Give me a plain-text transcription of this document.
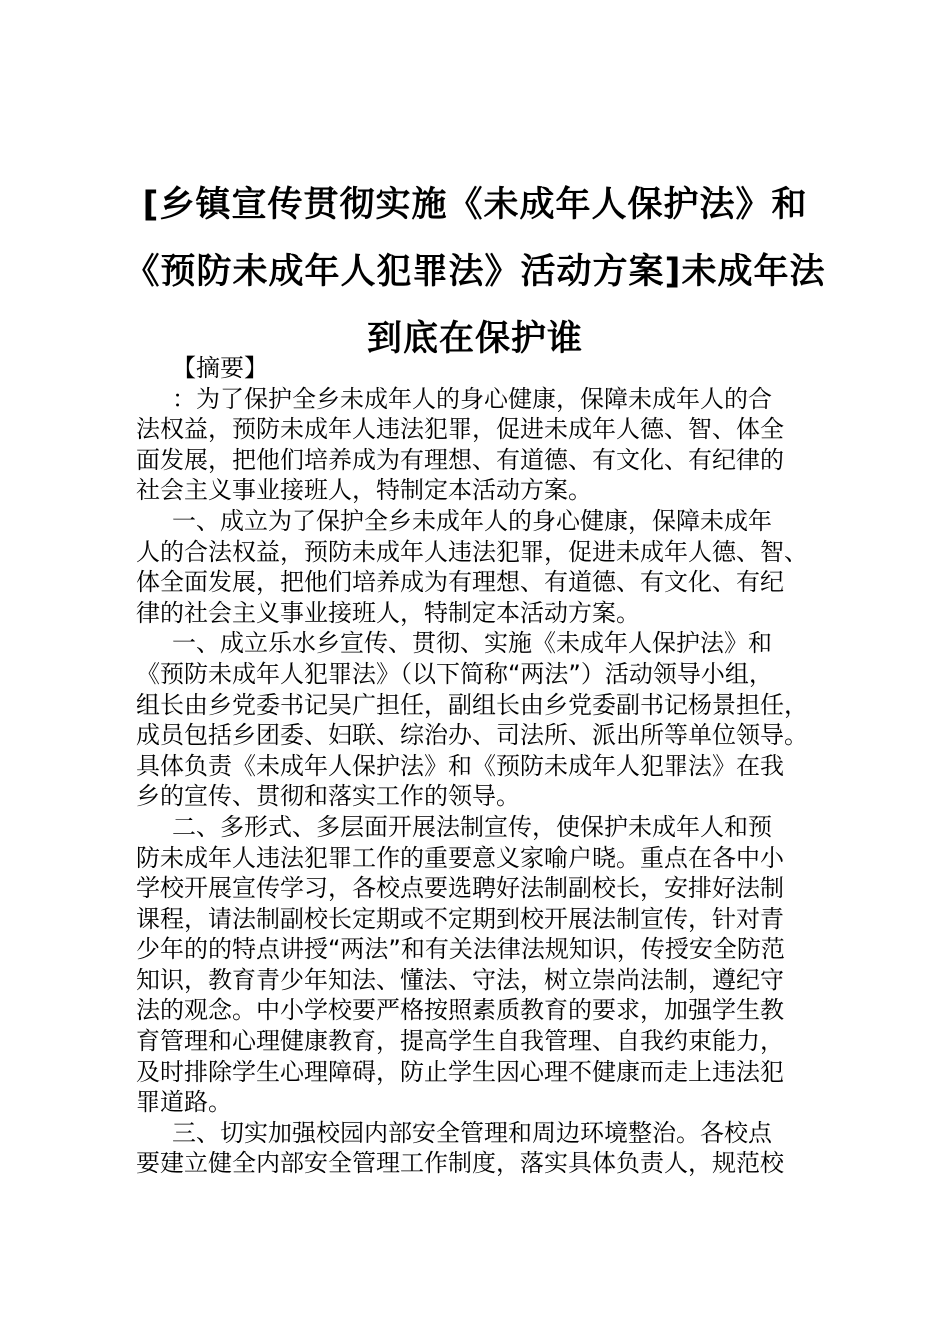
[乡镇宣传贯彻实施《未成年人保护法》和
《预防未成年人犯罪法》活动方案]未成年法
到底在保护谁
【摘要】
：为了保护全乡未成年人的身心健康，保障未成年人的合
法权益，预防未成年人违法犯罪，促进未成年人德、智、体全
面发展，把他们培养成为有理想、有道德、有文化、有纪律的
社会主义事业接班人，特制定本活动方案。
一、成立为了保护全乡未成年人的身心健康，保障未成年
人的合法权益，预防未成年人违法犯罪，促进未成年人德、智、
体全面发展，把他们培养成为有理想、有道德、有文化、有纪
律的社会主义事业接班人，特制定本活动方案。
一、成立乐水乡宣传、贯彻、实施《未成年人保护法》和
《预防未成年人犯罪法》（以下简称“两法”）活动领导小组，
组长由乡党委书记吴广担任，副组长由乡党委副书记杨景担任，
成员包括乡团委、妇联、综治办、司法所、派出所等单位领导。
具体负责《未成年人保护法》和《预防未成年人犯罪法》在我
乡的宣传、贯彻和落实工作的领导。
二、多形式、多层面开展法制宣传，使保护未成年人和预
防未成年人违法犯罪工作的重要意义家喻户晓。重点在各中小
学校开展宣传学习，各校点要选聘好法制副校长，安排好法制
课程，请法制副校长定期或不定期到校开展法制宣传，针对青
少年的的特点讲授“两法”和有关法律法规知识，传授安全防范
知识，教育青少年知法、懂法、守法，树立崇尚法制，遵纪守
法的观念。中小学校要严格按照素质教育的要求，加强学生教
育管理和心理健康教育，提高学生自我管理、自我约束能力，
及时排除学生心理障碍，防止学生因心理不健康而走上违法犯
罪道路。
三、切实加强校园内部安全管理和周边环境整治。各校点
要建立健全内部安全管理工作制度，落实具体负责人，规范校
